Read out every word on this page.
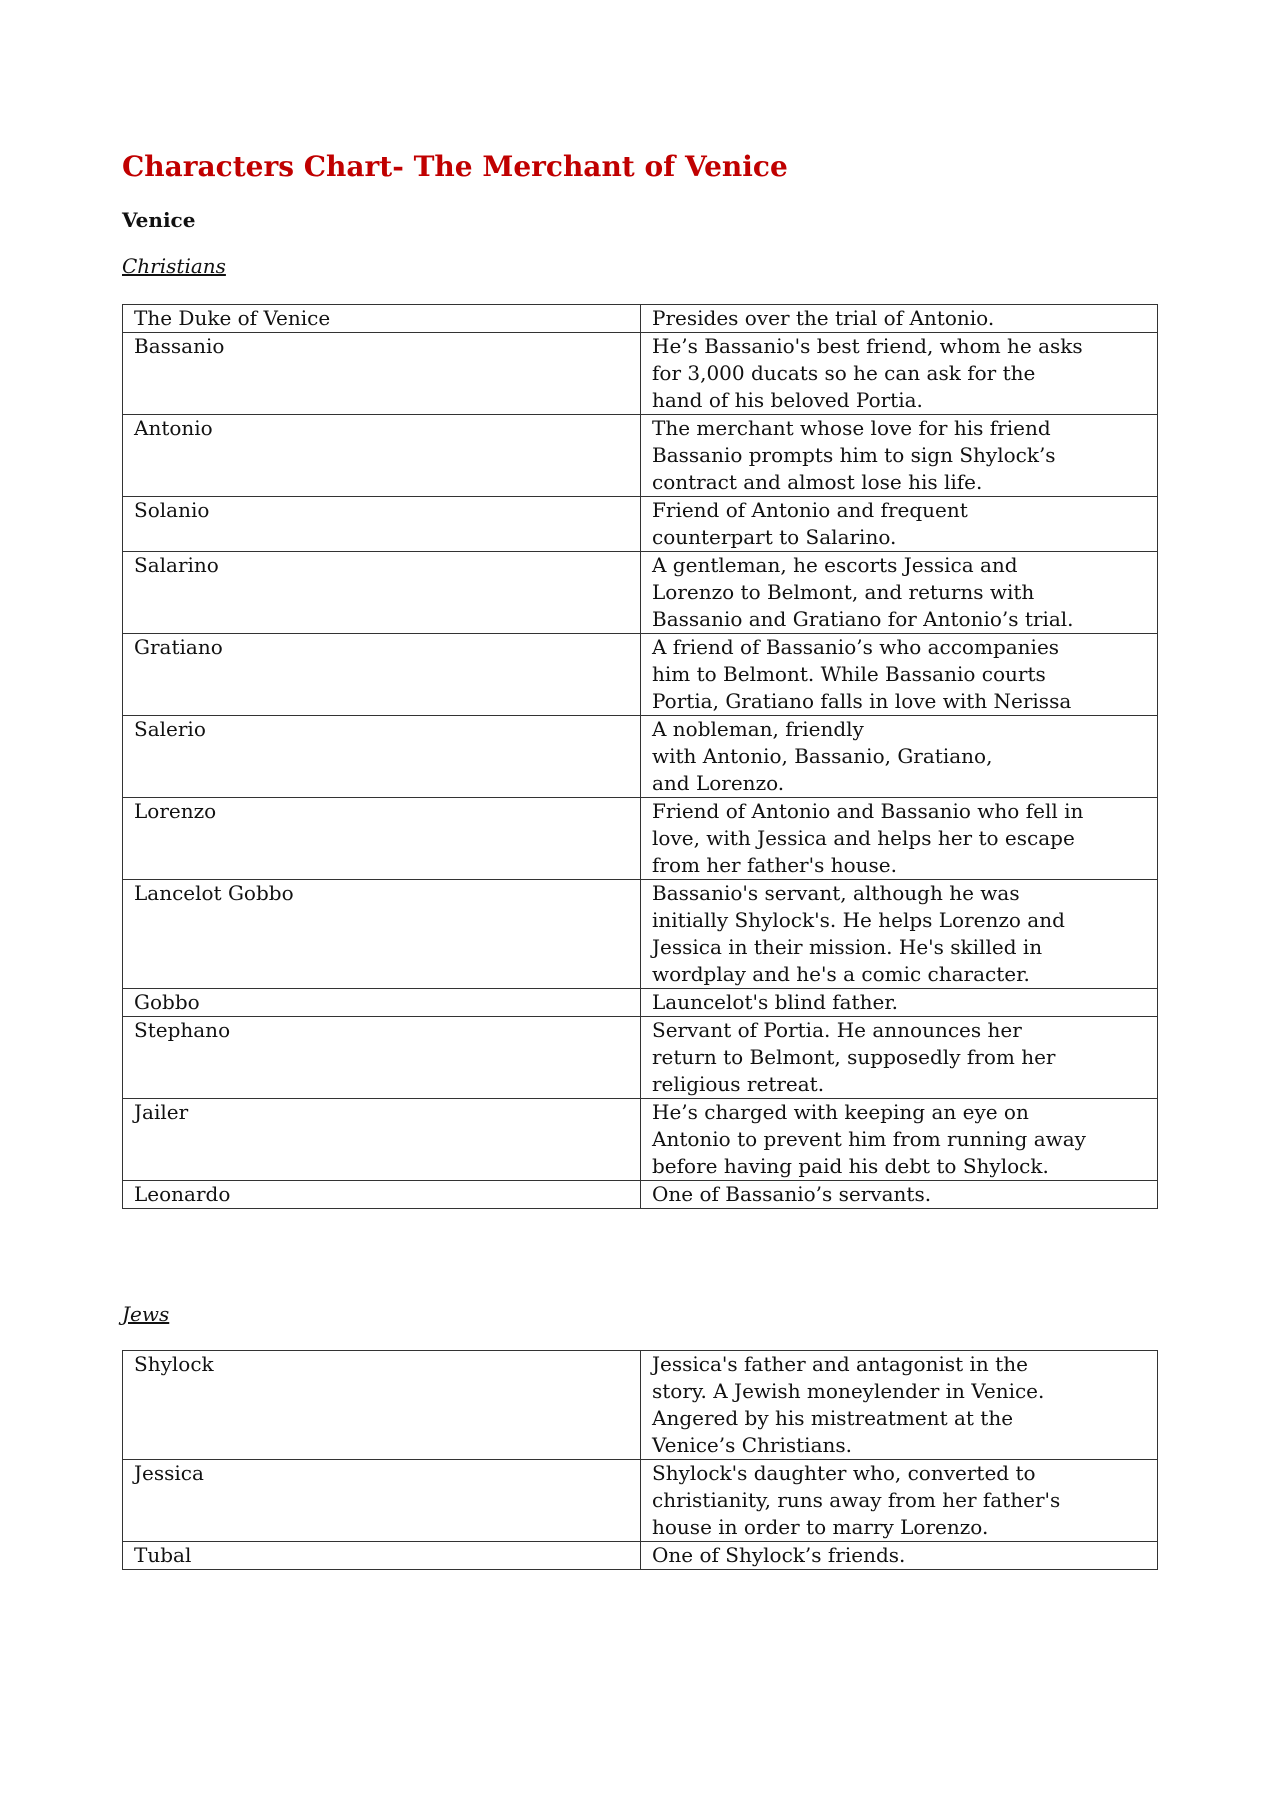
Characters Chart- The Merchant of Venice
Venice

Christians

The Duke of Venice	Presides over the trial of Antonio.
Bassanio	He’s Bassanio's best friend, whom he asks
for 3,000 ducats so he can ask for the
hand of his beloved Portia.
Antonio	The merchant whose love for his friend
Bassanio prompts him to sign Shylock’s
contract and almost lose his life.
Solanio	Friend of Antonio and frequent
counterpart to Salarino.
Salarino	A gentleman, he escorts Jessica and
Lorenzo to Belmont, and returns with
Bassanio and Gratiano for Antonio’s trial.
Gratiano	A friend of Bassanio’s who accompanies
him to Belmont. While Bassanio courts
Portia, Gratiano falls in love with Nerissa
Salerio	A nobleman, friendly
with Antonio, Bassanio, Gratiano,
and Lorenzo.
Lorenzo	Friend of Antonio and Bassanio who fell in
love, with Jessica and helps her to escape
from her father's house.
Lancelot Gobbo	Bassanio's servant, although he was
initially Shylock's. He helps Lorenzo and
Jessica in their mission. He's skilled in
wordplay and he's a comic character.
Gobbo	Launcelot's blind father.
Stephano	Servant of Portia. He announces her
return to Belmont, supposedly from her
religious retreat.
Jailer	He’s charged with keeping an eye on
Antonio to prevent him from running away
before having paid his debt to Shylock.
Leonardo	One of Bassanio’s servants.

Jews

Shylock	Jessica's father and antagonist in the
story. A Jewish moneylender in Venice.
Angered by his mistreatment at the
Venice’s Christians.
Jessica	Shylock's daughter who, converted to
christianity, runs away from her father's
house in order to marry Lorenzo.
Tubal	One of Shylock’s friends.
